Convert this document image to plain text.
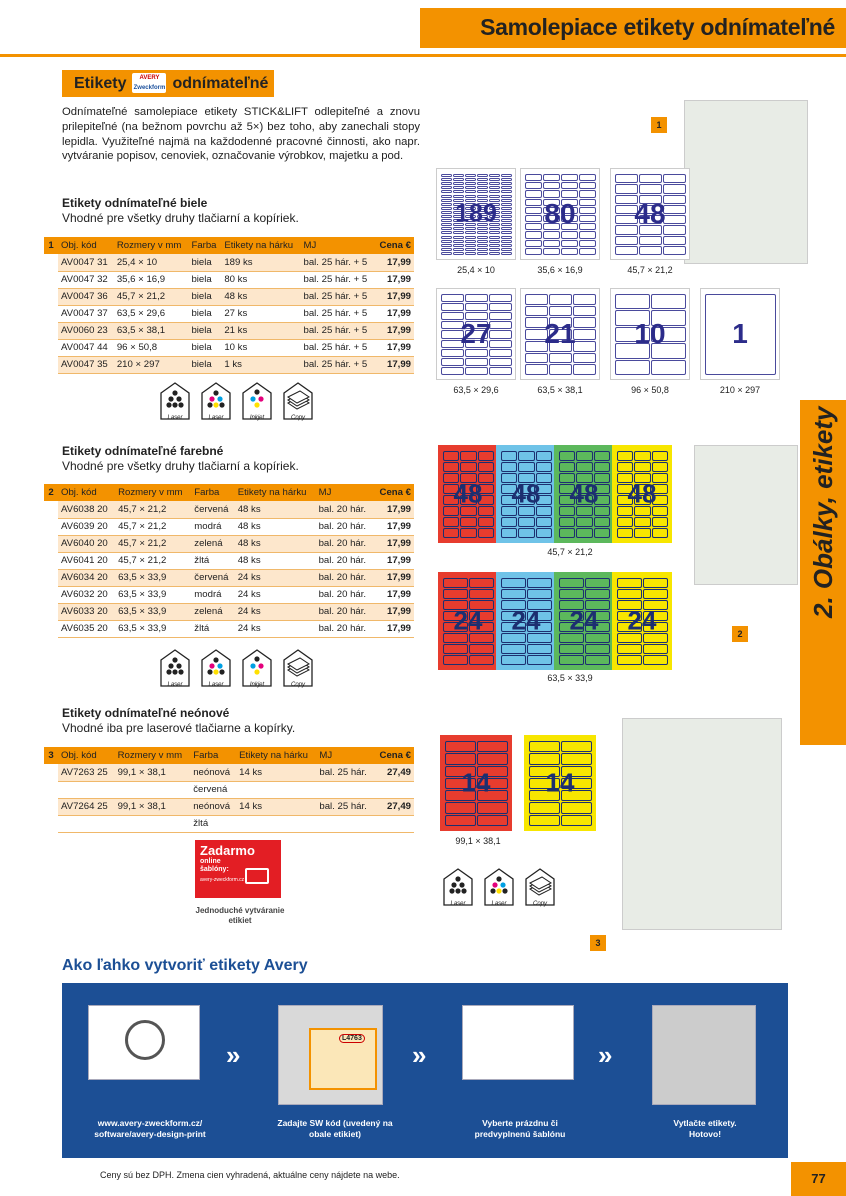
Samolepiace etikety odnímateľné
Etikety AVERY
Zweckform odnímateľné
Odnímateľné samolepiace etikety STICK&LIFT odlepiteľné a znovu prilepiteľné (na bežnom povrchu až 5×) bez toho, aby zanechali stopy lepidla. Využiteľné najmä na každodenné pracovné činnosti, ako napr. vytváranie popisov, cenoviek, označovanie výrobkov, majetku a pod.
Etikety odnímateľné biele
Vhodné pre všetky druhy tlačiarní a kopíriek.
1	Obj. kód	Rozmery v mm	Farba	Etikety na hárku	MJ	Cena €
	AV0047 31	25,4 × 10	biela	189 ks	bal. 25 hár. + 5	17,99
	AV0047 32	35,6 × 16,9	biela	80 ks	bal. 25 hár. + 5	17,99
	AV0047 36	45,7 × 21,2	biela	48 ks	bal. 25 hár. + 5	17,99
	AV0047 37	63,5 × 29,6	biela	27 ks	bal. 25 hár. + 5	17,99
	AV0060 23	63,5 × 38,1	biela	21 ks	bal. 25 hár. + 5	17,99
	AV0047 44	96 × 50,8	biela	10 ks	bal. 25 hár. + 5	17,99
	AV0047 35	210 × 297	biela	1 ks	bal. 25 hár. + 5	17,99
Etikety odnímateľné farebné
Vhodné pre všetky druhy tlačiarní a kopíriek.
2	Obj. kód	Rozmery v mm	Farba	Etikety na hárku	MJ	Cena €
	AV6038 20	45,7 × 21,2	červená	48 ks	bal. 20 hár.	17,99
	AV6039 20	45,7 × 21,2	modrá	48 ks	bal. 20 hár.	17,99
	AV6040 20	45,7 × 21,2	zelená	48 ks	bal. 20 hár.	17,99
	AV6041 20	45,7 × 21,2	žltá	48 ks	bal. 20 hár.	17,99
	AV6034 20	63,5 × 33,9	červená	24 ks	bal. 20 hár.	17,99
	AV6032 20	63,5 × 33,9	modrá	24 ks	bal. 20 hár.	17,99
	AV6033 20	63,5 × 33,9	zelená	24 ks	bal. 20 hár.	17,99
	AV6035 20	63,5 × 33,9	žltá	24 ks	bal. 20 hár.	17,99
Etikety odnímateľné neónové
Vhodné iba pre laserové tlačiarne a kopírky.
3	Obj. kód	Rozmery v mm	Farba	Etikety na hárku	MJ	Cena €
	AV7263 25	99,1 × 38,1	neónová	14 ks	bal. 25 hár.	27,49
			červená			
	AV7264 25	99,1 × 38,1	neónová	14 ks	bal. 25 hár.	27,49
			žltá			
1
2
3
Zadarmo
online
šablóny:
avery-zweckform.cz
Jednoduché vytváranie etikiet
Ako ľahko vytvoriť etikety Avery
L4763
»	»	»
www.avery-zweckform.cz/ software/avery-design-print
Zadajte SW kód (uvedený na obale etikiet)
Vyberte prázdnu či predvyplnenú šablónu
Vytlačte etikety. Hotovo!
Ceny sú bez DPH. Zmena cien vyhradená, aktuálne ceny nájdete na webe.	77
Laser	Laser	Inkjet	Copy
Laser	Laser	Inkjet	Copy
Laser	Laser	Copy
189
25,4 × 10
80
35,6 × 16,9
48
45,7 × 21,2
27
63,5 × 29,6
21
63,5 × 38,1
10
96 × 50,8
1
210 × 297
48	48	48	48
45,7 × 21,2
24	24	24	24
63,5 × 33,9
14	14
99,1 × 38,1
